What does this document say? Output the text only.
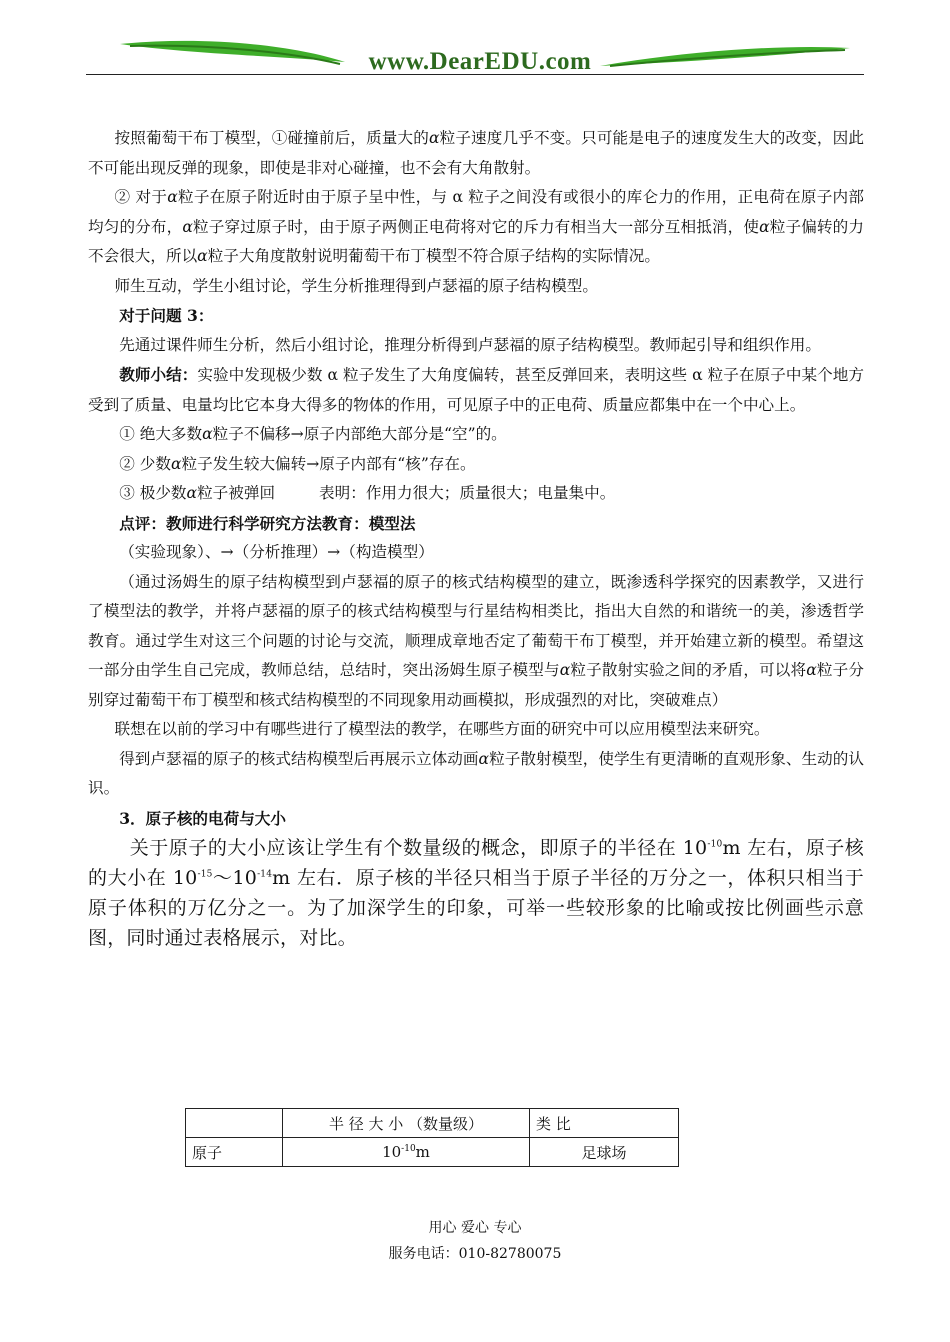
www.DearEDU.com

按照葡萄干布丁模型，①碰撞前后，质量大的α粒子速度几乎不变。只可能是电子的速度发生大的改变，因此不可能出现反弹的现象，即使是非对心碰撞，也不会有大角散射。

② 对于α粒子在原子附近时由于原子呈中性，与 α 粒子之间没有或很小的库仑力的作用，正电荷在原子内部均匀的分布，α粒子穿过原子时，由于原子两侧正电荷将对它的斥力有相当大一部分互相抵消，使α粒子偏转的力不会很大，所以α粒子大角度散射说明葡萄干布丁模型不符合原子结构的实际情况。

师生互动，学生小组讨论，学生分析推理得到卢瑟福的原子结构模型。

对于问题 3：

先通过课件师生分析，然后小组讨论，推理分析得到卢瑟福的原子结构模型。教师起引导和组织作用。

教师小结：实验中发现极少数 α 粒子发生了大角度偏转，甚至反弹回来，表明这些 α 粒子在原子中某个地方受到了质量、电量均比它本身大得多的物体的作用，可见原子中的正电荷、质量应都集中在一个中心上。

① 绝大多数α粒子不偏移→原子内部绝大部分是“空”的。

② 少数α粒子发生较大偏转→原子内部有“核”存在。

③ 极少数α粒子被弹回	表明：作用力很大；质量很大；电量集中。

点评：教师进行科学研究方法教育：模型法

（实验现象）、→（分析推理）→（构造模型）

（通过汤姆生的原子结构模型到卢瑟福的原子的核式结构模型的建立，既渗透科学探究的因素教学，又进行了模型法的教学，并将卢瑟福的原子的核式结构模型与行星结构相类比，指出大自然的和谐统一的美，渗透哲学教育。通过学生对这三个问题的讨论与交流，顺理成章地否定了葡萄干布丁模型，并开始建立新的模型。希望这一部分由学生自己完成，教师总结，总结时，突出汤姆生原子模型与α粒子散射实验之间的矛盾，可以将α粒子分别穿过葡萄干布丁模型和核式结构模型的不同现象用动画模拟，形成强烈的对比，突破难点）

联想在以前的学习中有哪些进行了模型法的教学，在哪些方面的研究中可以应用模型法来研究。

得到卢瑟福的原子的核式结构模型后再展示立体动画α粒子散射模型，使学生有更清晰的直观形象、生动的认识。

3．原子核的电荷与大小

关于原子的大小应该让学生有个数量级的概念，即原子的半径在 $10^{-10}m$ 左右，原子核的大小在 $10^{-15}\sim 10^{-14}m$ 左右．原子核的半径只相当于原子半径的万分之一，体积只相当于原子体积的万亿分之一。为了加深学生的印象，可举一些较形象的比喻或按比例画些示意图，同时通过表格展示，对比。

	半 径 大 小 （数量级）	类 比
原子	$10^{-10}m$	足球场
用心 爱心 专心
服务电话：010-82780075
